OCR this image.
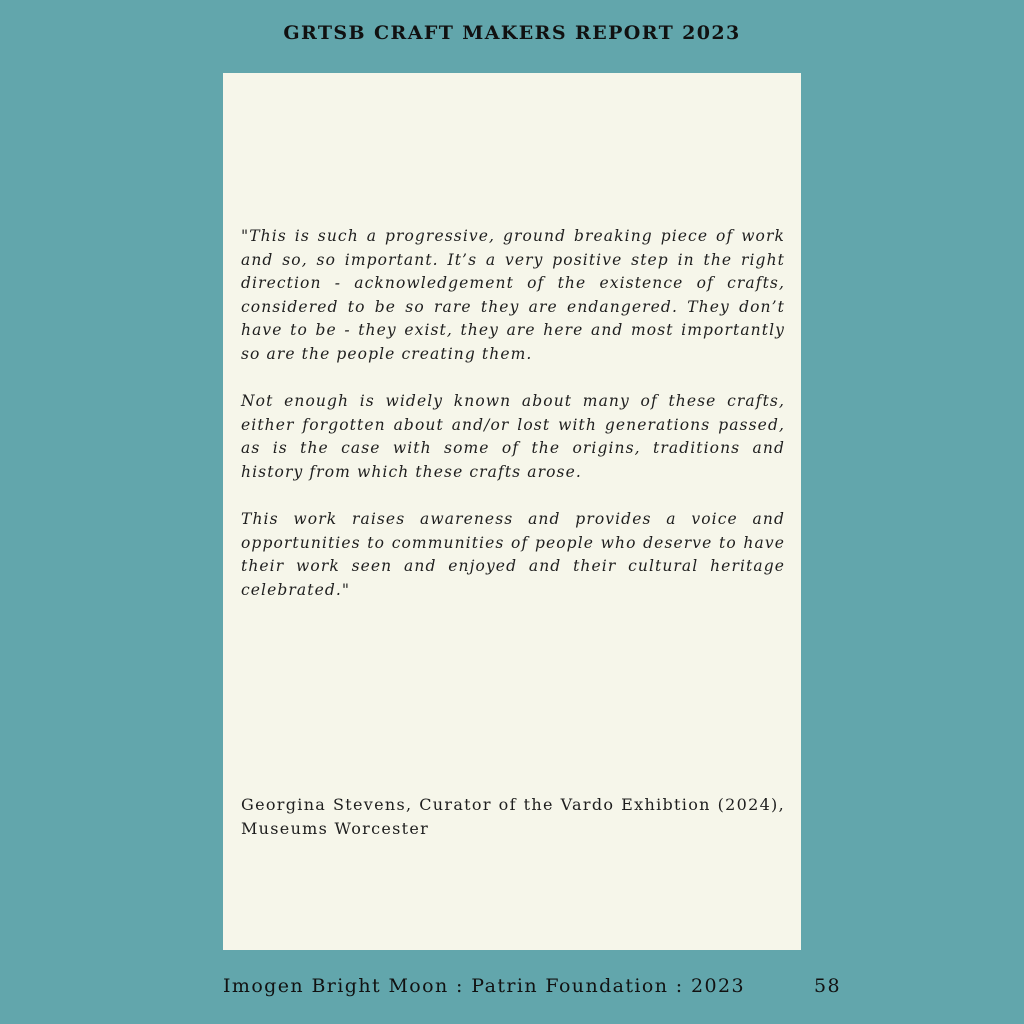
GRTSB CRAFT MAKERS REPORT 2023

"This is such a progressive, ground breaking piece of work and so, so important. It’s a very positive step in the right direction - acknowledgement of the existence of crafts, considered to be so rare they are endangered. They don’t have to be - they exist, they are here and most importantly so are the people creating them.

Not enough is widely known about many of these crafts, either forgotten about and/or lost with generations passed, as is the case with some of the origins, traditions and history from which these crafts arose.

This work raises awareness and provides a voice and opportunities to communities of people who deserve to have their work seen and enjoyed and their cultural heritage celebrated."

Georgina Stevens, Curator of the Vardo Exhibtion (2024), Museums Worcester
Imogen Bright Moon : Patrin Foundation : 2023	58
